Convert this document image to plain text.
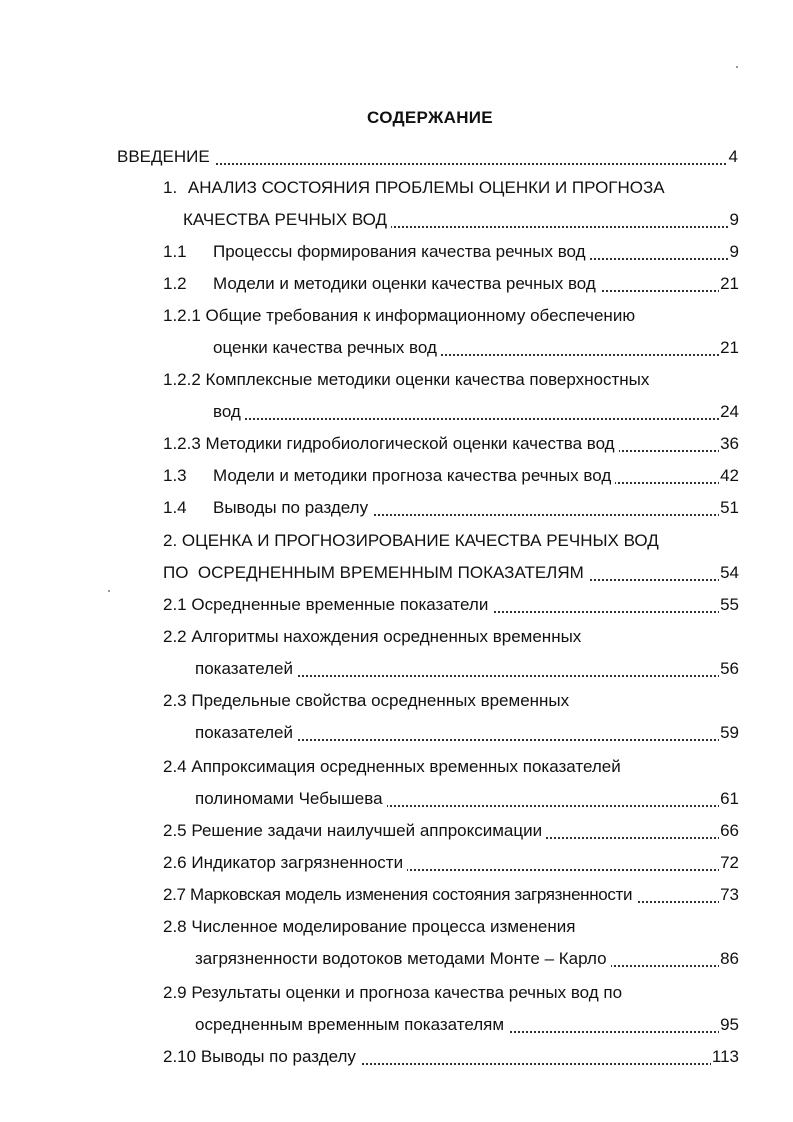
СОДЕРЖАНИЕ
ВВЕДЕНИЕ	4
1. АНАЛИЗ СОСТОЯНИЯ ПРОБЛЕМЫ ОЦЕНКИ И ПРОГНОЗА
КАЧЕСТВА РЕЧНЫХ ВОД	9
1.1 Процессы формирования качества речных вод	9
1.2 Модели и методики оценки качества речных вод	21
1.2.1 Общие требования к информационному обеспечению
оценки качества речных вод	21
1.2.2 Комплексные методики оценки качества поверхностных
вод	24
1.2.3 Методики гидробиологической оценки качества вод	36
1.3 Модели и методики прогноза качества речных вод	42
1.4 Выводы по разделу	51
2. ОЦЕНКА И ПРОГНОЗИРОВАНИЕ КАЧЕСТВА РЕЧНЫХ ВОД
ПО  ОСРЕДНЕННЫМ ВРЕМЕННЫМ ПОКАЗАТЕЛЯМ	54
2.1 Осредненные временные показатели	55
2.2 Алгоритмы нахождения осредненных временных
показателей	56
2.3 Предельные свойства осредненных временных
показателей	59
2.4 Аппроксимация осредненных временных показателей
полиномами Чебышева	61
2.5 Решение задачи наилучшей аппроксимации	66
2.6 Индикатор загрязненности	72
2.7 Марковская модель изменения состояния загрязненности	73
2.8 Численное моделирование процесса изменения
загрязненности водотоков методами Монте – Карло	86
2.9 Результаты оценки и прогноза качества речных вод по
осредненным временным показателям	95
2.10 Выводы по разделу	113
